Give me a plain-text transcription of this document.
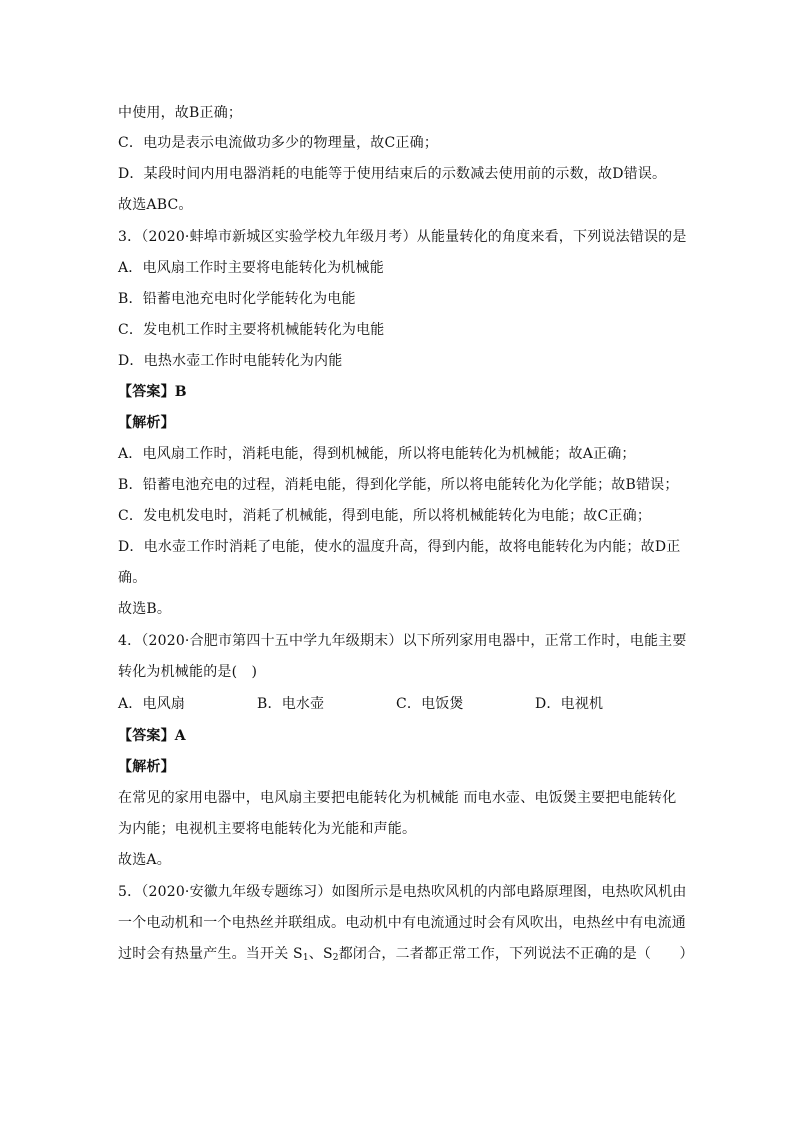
中使用，故B正确；
C．电功是表示电流做功多少的物理量，故C正确；
D．某段时间内用电器消耗的电能等于使用结束后的示数减去使用前的示数，故D错误。
故选ABC。
3．（2020·蚌埠市新城区实验学校九年级月考）从能量转化的角度来看，下列说法错误的是
A．电风扇工作时主要将电能转化为机械能
B．铅蓄电池充电时化学能转化为电能
C．发电机工作时主要将机械能转化为电能
D．电热水壶工作时电能转化为内能
【答案】B
【解析】
A．电风扇工作时，消耗电能，得到机械能，所以将电能转化为机械能；故A正确；
B．铅蓄电池充电的过程，消耗电能，得到化学能，所以将电能转化为化学能；故B错误；
C．发电机发电时，消耗了机械能，得到电能，所以将机械能转化为电能；故C正确；
D．电水壶工作时消耗了电能，使水的温度升高，得到内能，故将电能转化为内能；故D正
确。
故选B。
4．（2020·合肥市第四十五中学九年级期末）以下所列家用电器中，正常工作时，电能主要
转化为机械能的是(　)
A．电风扇	B．电水壶	C．电饭煲	D．电视机
【答案】A
【解析】
在常见的家用电器中，电风扇主要把电能转化为机械能 而电水壶、电饭煲主要把电能转化
为内能；电视机主要将电能转化为光能和声能。
故选A。
5．（2020·安徽九年级专题练习）如图所示是电热吹风机的内部电路原理图，电热吹风机由
一个电动机和一个电热丝并联组成。电动机中有电流通过时会有风吹出，电热丝中有电流通
过时会有热量产生。当开关 $S_1$、$S_2$都闭合，二者都正常工作，下列说法不正确的是（　　）
